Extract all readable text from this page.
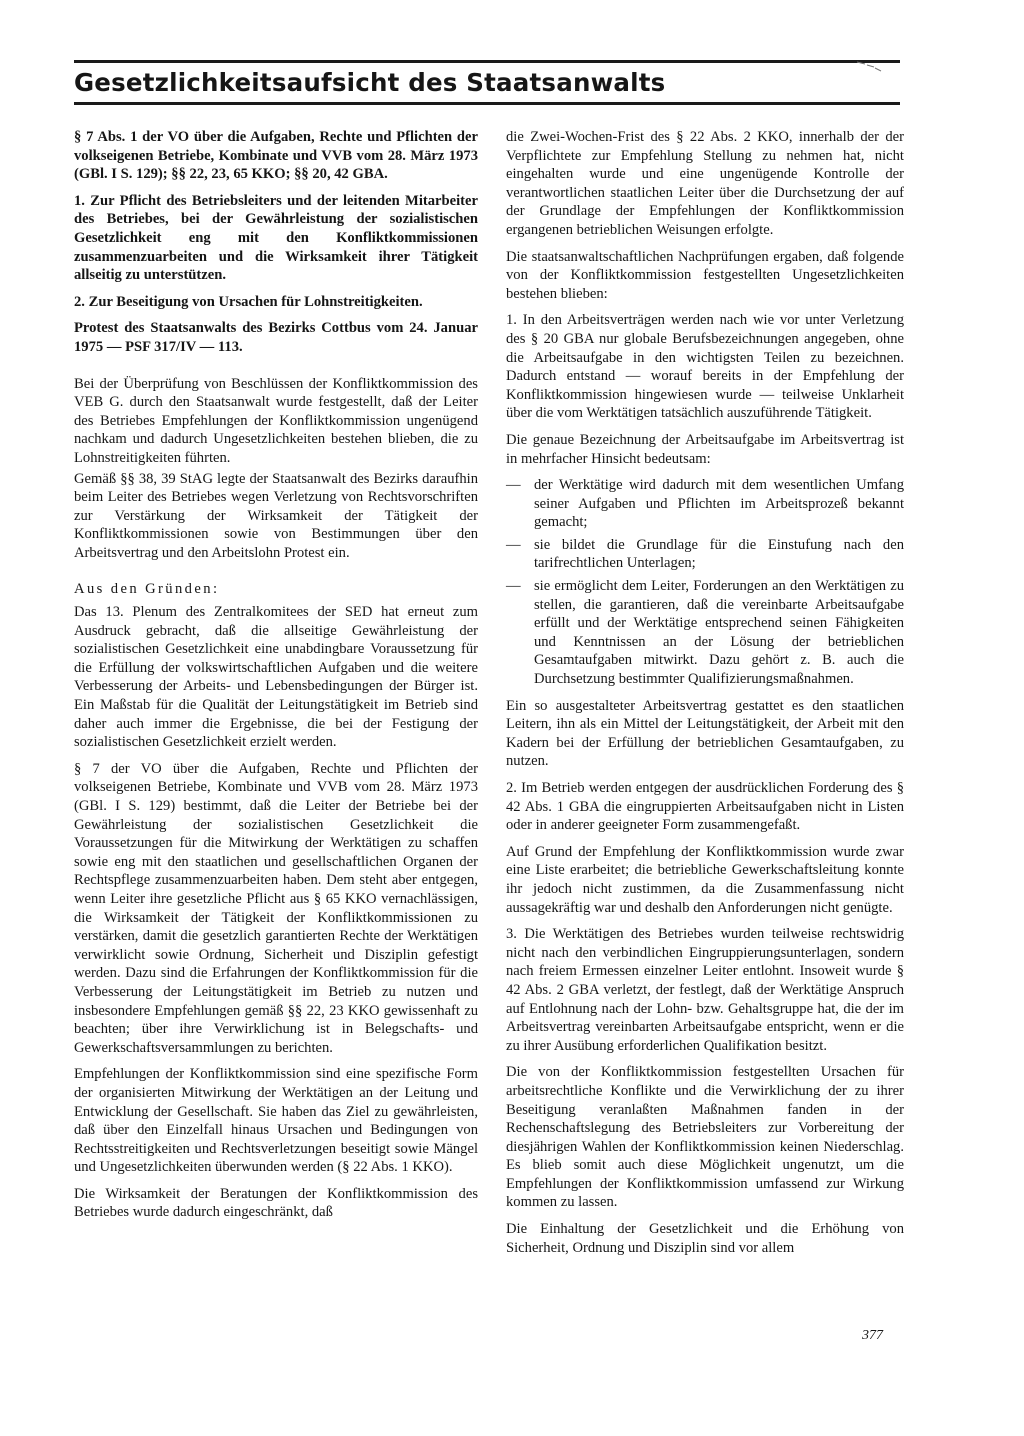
Gesetzlichkeitsaufsicht des Staatsanwalts

§ 7 Abs. 1 der VO über die Aufgaben, Rechte und Pflichten der volkseigenen Betriebe, Kombinate und VVB vom 28. März 1973 (GBl. I S. 129); §§ 22, 23, 65 KKO; §§ 20, 42 GBA.

1. Zur Pflicht des Betriebsleiters und der leitenden Mitarbeiter des Betriebes, bei der Gewährleistung der sozialistischen Gesetzlichkeit eng mit den Konfliktkommissionen zusammenzuarbeiten und die Wirksamkeit ihrer Tätigkeit allseitig zu unterstützen.

2. Zur Beseitigung von Ursachen für Lohnstreitigkeiten.

Protest des Staatsanwalts des Bezirks Cottbus vom 24. Januar 1975 — PSF 317/IV — 113.

Bei der Überprüfung von Beschlüssen der Konfliktkommission des VEB G. durch den Staatsanwalt wurde festgestellt, daß der Leiter des Betriebes Empfehlungen der Konfliktkommission ungenügend nachkam und dadurch Ungesetzlichkeiten bestehen blieben, die zu Lohnstreitigkeiten führten.

Gemäß §§ 38, 39 StAG legte der Staatsanwalt des Bezirks daraufhin beim Leiter des Betriebes wegen Verletzung von Rechtsvorschriften zur Verstärkung der Wirksamkeit der Tätigkeit der Konfliktkommissionen sowie von Bestimmungen über den Arbeitsvertrag und den Arbeitslohn Protest ein.

Aus den Gründen:

Das 13. Plenum des Zentralkomitees der SED hat erneut zum Ausdruck gebracht, daß die allseitige Gewährleistung der sozialistischen Gesetzlichkeit eine unabdingbare Voraussetzung für die Erfüllung der volkswirtschaftlichen Aufgaben und die weitere Verbesserung der Arbeits- und Lebensbedingungen der Bürger ist. Ein Maßstab für die Qualität der Leitungstätigkeit im Betrieb sind daher auch immer die Ergebnisse, die bei der Festigung der sozialistischen Gesetzlichkeit erzielt werden.

§ 7 der VO über die Aufgaben, Rechte und Pflichten der volkseigenen Betriebe, Kombinate und VVB vom 28. März 1973 (GBl. I S. 129) bestimmt, daß die Leiter der Betriebe bei der Gewährleistung der sozialistischen Gesetzlichkeit die Voraussetzungen für die Mitwirkung der Werktätigen zu schaffen sowie eng mit den staatlichen und gesellschaftlichen Organen der Rechtspflege zusammenzuarbeiten haben. Dem steht aber entgegen, wenn Leiter ihre gesetzliche Pflicht aus § 65 KKO vernachlässigen, die Wirksamkeit der Tätigkeit der Konfliktkommissionen zu verstärken, damit die gesetzlich garantierten Rechte der Werktätigen verwirklicht sowie Ordnung, Sicherheit und Disziplin gefestigt werden. Dazu sind die Erfahrungen der Konfliktkommission für die Verbesserung der Leitungstätigkeit im Betrieb zu nutzen und insbesondere Empfehlungen gemäß §§ 22, 23 KKO gewissenhaft zu beachten; über ihre Verwirklichung ist in Belegschafts- und Gewerkschaftsversammlungen zu berichten.

Empfehlungen der Konfliktkommission sind eine spezifische Form der organisierten Mitwirkung der Werktätigen an der Leitung und Entwicklung der Gesellschaft. Sie haben das Ziel zu gewährleisten, daß über den Einzelfall hinaus Ursachen und Bedingungen von Rechtsstreitigkeiten und Rechtsverletzungen beseitigt sowie Mängel und Ungesetzlichkeiten überwunden werden (§ 22 Abs. 1 KKO).

Die Wirksamkeit der Beratungen der Konfliktkommission des Betriebes wurde dadurch eingeschränkt, daß

die Zwei-Wochen-Frist des § 22 Abs. 2 KKO, innerhalb der der Verpflichtete zur Empfehlung Stellung zu nehmen hat, nicht eingehalten wurde und eine ungenügende Kontrolle der verantwortlichen staatlichen Leiter über die Durchsetzung der auf der Grundlage der Empfehlungen der Konfliktkommission ergangenen betrieblichen Weisungen erfolgte.

Die staatsanwaltschaftlichen Nachprüfungen ergaben, daß folgende von der Konfliktkommission festgestellten Ungesetzlichkeiten bestehen blieben:

1. In den Arbeitsverträgen werden nach wie vor unter Verletzung des § 20 GBA nur globale Berufsbezeichnungen angegeben, ohne die Arbeitsaufgabe in den wichtigsten Teilen zu bezeichnen. Dadurch entstand — worauf bereits in der Empfehlung der Konfliktkommission hingewiesen wurde — teilweise Unklarheit über die vom Werktätigen tatsächlich auszuführende Tätigkeit.

Die genaue Bezeichnung der Arbeitsaufgabe im Arbeitsvertrag ist in mehrfacher Hinsicht bedeutsam:

— der Werktätige wird dadurch mit dem wesentlichen Umfang seiner Aufgaben und Pflichten im Arbeitsprozeß bekannt gemacht;
— sie bildet die Grundlage für die Einstufung nach den tarifrechtlichen Unterlagen;
— sie ermöglicht dem Leiter, Forderungen an den Werktätigen zu stellen, die garantieren, daß die vereinbarte Arbeitsaufgabe erfüllt und der Werktätige entsprechend seinen Fähigkeiten und Kenntnissen an der Lösung der betrieblichen Gesamtaufgaben mitwirkt. Dazu gehört z. B. auch die Durchsetzung bestimmter Qualifizierungsmaßnahmen.

Ein so ausgestalteter Arbeitsvertrag gestattet es den staatlichen Leitern, ihn als ein Mittel der Leitungstätigkeit, der Arbeit mit den Kadern bei der Erfüllung der betrieblichen Gesamtaufgaben, zu nutzen.

2. Im Betrieb werden entgegen der ausdrücklichen Forderung des § 42 Abs. 1 GBA die eingruppierten Arbeitsaufgaben nicht in Listen oder in anderer geeigneter Form zusammengefaßt.

Auf Grund der Empfehlung der Konfliktkommission wurde zwar eine Liste erarbeitet; die betriebliche Gewerkschaftsleitung konnte ihr jedoch nicht zustimmen, da die Zusammenfassung nicht aussagekräftig war und deshalb den Anforderungen nicht genügte.

3. Die Werktätigen des Betriebes wurden teilweise rechtswidrig nicht nach den verbindlichen Eingruppierungsunterlagen, sondern nach freiem Ermessen einzelner Leiter entlohnt. Insoweit wurde § 42 Abs. 2 GBA verletzt, der festlegt, daß der Werktätige Anspruch auf Entlohnung nach der Lohn- bzw. Gehaltsgruppe hat, die der im Arbeitsvertrag vereinbarten Arbeitsaufgabe entspricht, wenn er die zu ihrer Ausübung erforderlichen Qualifikation besitzt.

Die von der Konfliktkommission festgestellten Ursachen für arbeitsrechtliche Konflikte und die Verwirklichung der zu ihrer Beseitigung veranlaßten Maßnahmen fanden in der Rechenschaftslegung des Betriebsleiters zur Vorbereitung der diesjährigen Wahlen der Konfliktkommission keinen Niederschlag. Es blieb somit auch diese Möglichkeit ungenutzt, um die Empfehlungen der Konfliktkommission umfassend zur Wirkung kommen zu lassen.

Die Einhaltung der Gesetzlichkeit und die Erhöhung von Sicherheit, Ordnung und Disziplin sind vor allem

377
